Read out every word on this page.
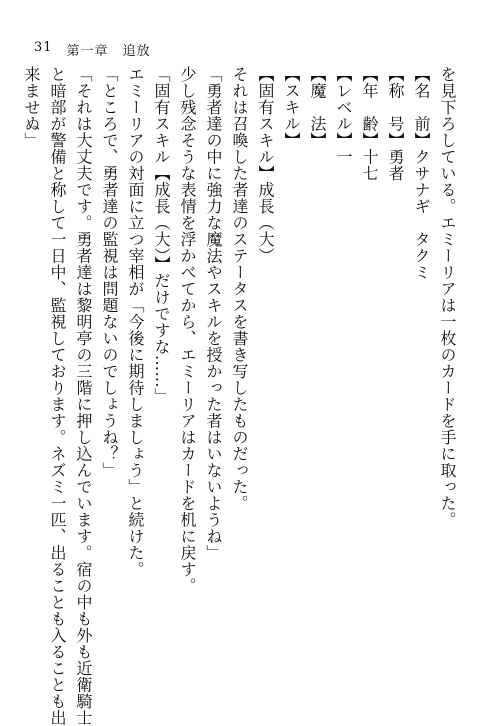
31 第一章 追放
を見下ろしている。エミーリアは一枚のカードを手に取った。
【名　前】クサナギ　タクミ
【称　号】勇者
【年　齢】十七
【レベル】一
【魔　法】
【スキル】
【固有スキル】成長（大）
それは召喚した者達のステータスを書き写したものだった。
「勇者達の中に強力な魔法やスキルを授かった者はいないようね」
少し残念そうな表情を浮かべてから、エミーリアはカードを机に戻す。
「固有スキル【成長（大）】だけですな……」
エミーリアの対面に立つ宰相が「今後に期待しましょう」と続けた。
「ところで、勇者達の監視は問題ないのでしょうね？」
「それは大丈夫です。勇者達は黎明亭の三階に押し込んでいます。宿の中も外も近衛騎士
と暗部が警備と称して一日中、監視しております。ネズミ一匹、出ることも入ることも出
来ませぬ」
